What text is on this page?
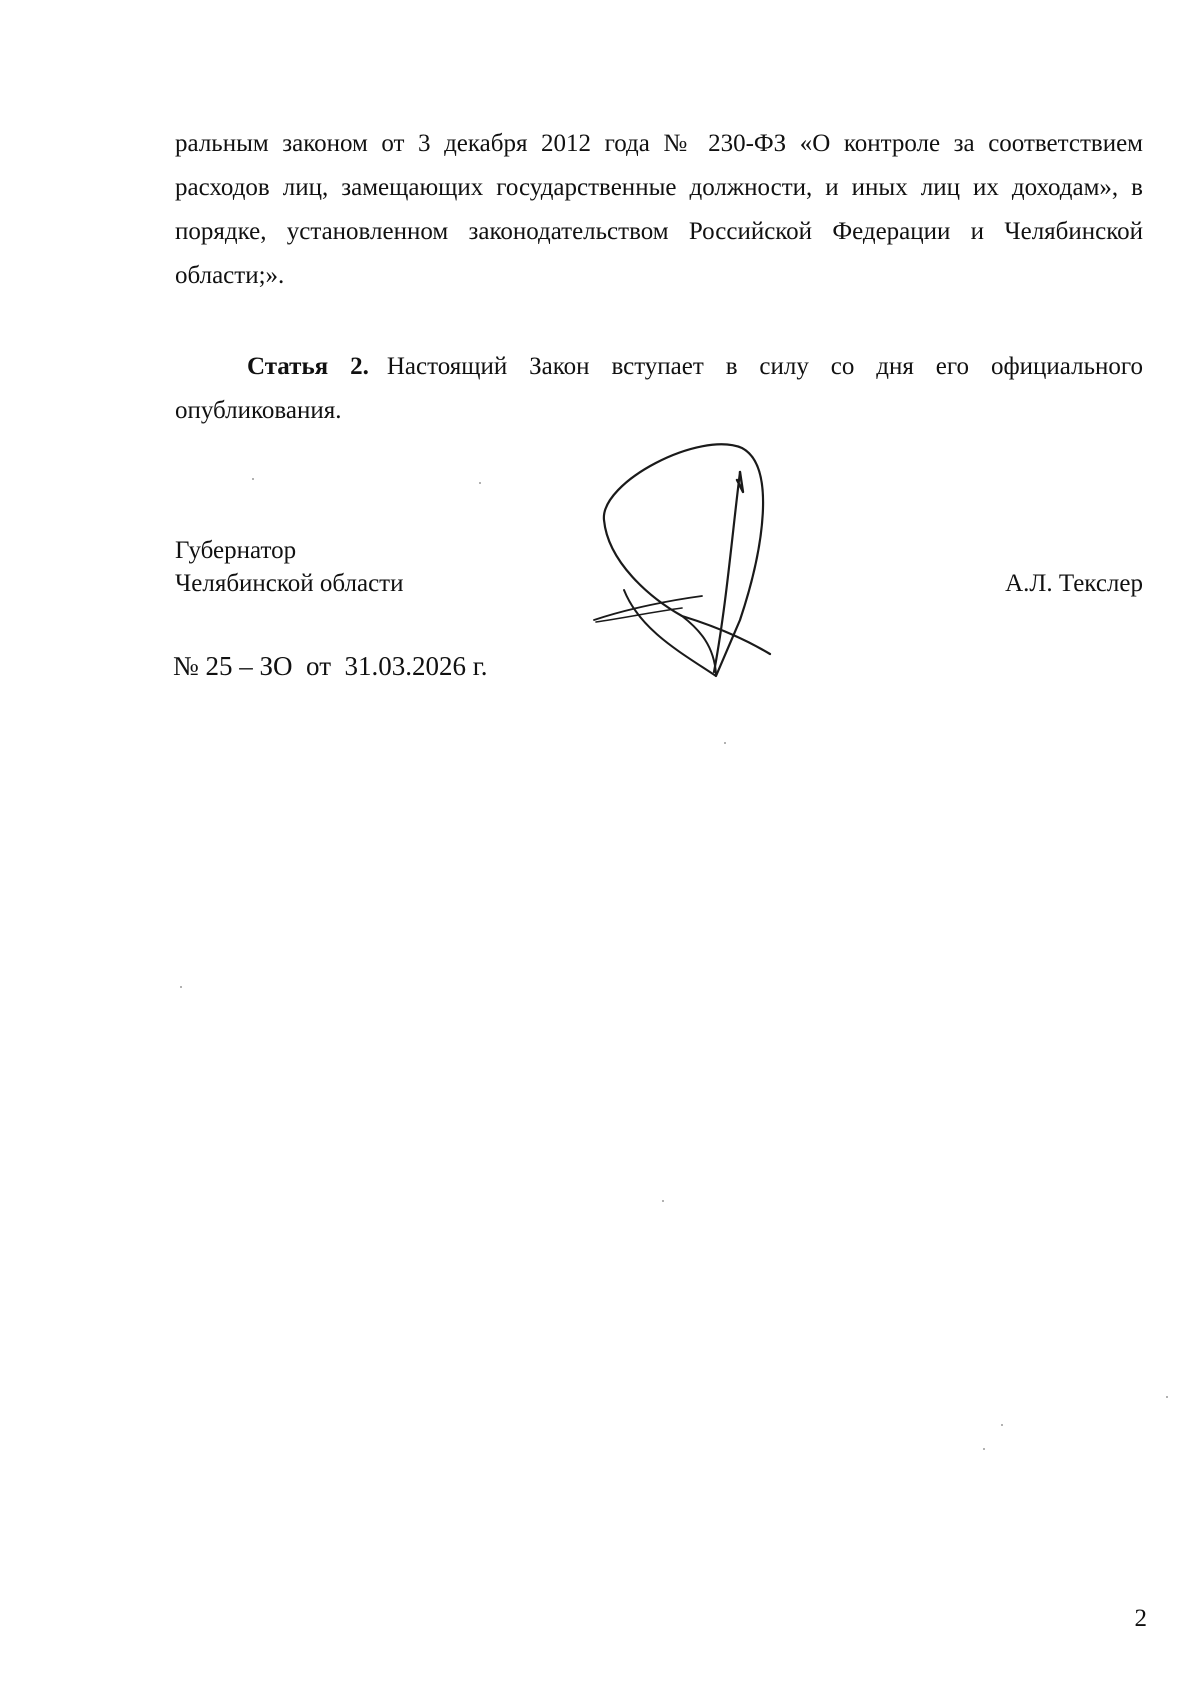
ральным законом от 3 декабря 2012 года № 230-ФЗ «О контроле за соответствием расходов лиц, замещающих государственные должности, и иных лиц их доходам», в порядке, установленном законодательством Российской Федерации и Челябинской области;».

Статья 2. Настоящий Закон вступает в силу со дня его официального опубликования.

Губернатор
Челябинской области	А.Л. Текслер
№ 25 – ЗО от 31.03.2026 г.
2
